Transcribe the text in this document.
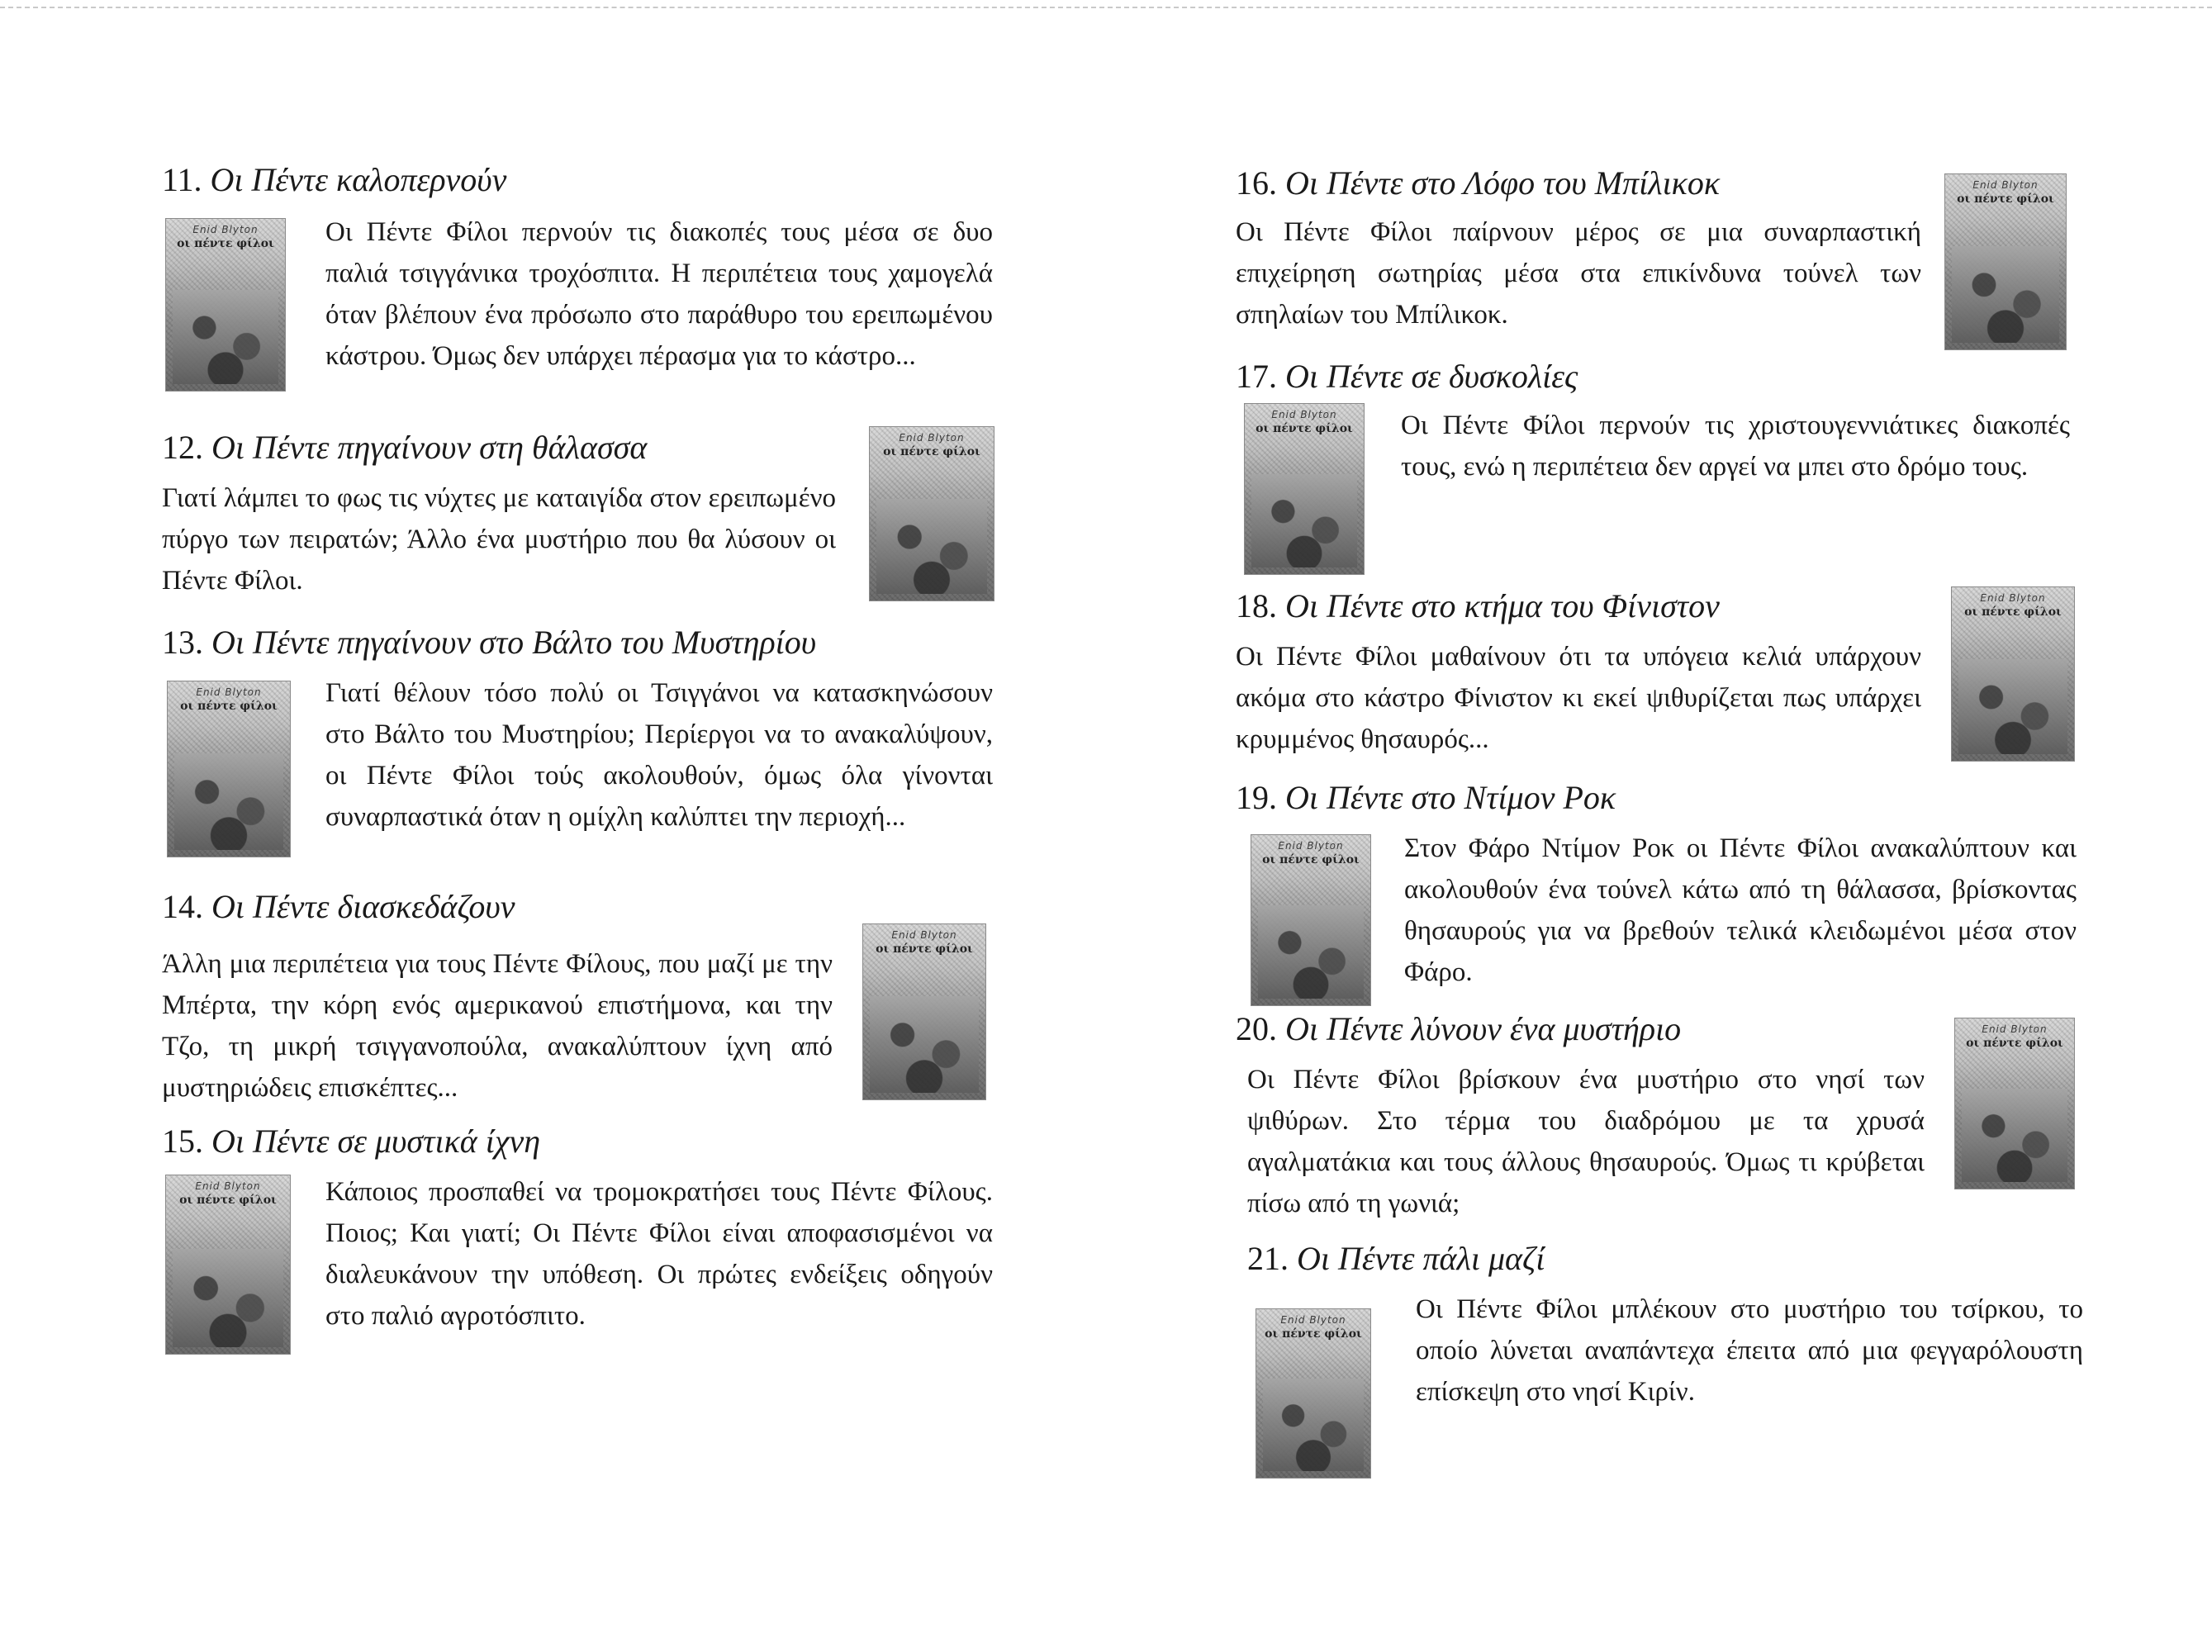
11. Οι Πέντε καλοπερνούν
Enid Blyton
οι πέντε φίλοι	Οι Πέντε Φίλοι περνούν τις διακοπές τους μέσα σε δυο παλιά τσιγγάνικα τροχόσπιτα. Η περιπέτεια τους χαμογελά όταν βλέπουν ένα πρόσωπο στο παράθυρο του ερειπωμένου κάστρου. Όμως δεν υπάρχει πέρασμα για το κάστρο...

12. Οι Πέντε πηγαίνουν στη θάλασσα

Γιατί λάμπει το φως τις νύχτες με καταιγίδα στον ερειπωμένο πύργο των πειρατών; Άλλο ένα μυστήριο που θα λύσουν οι Πέντε Φίλοι.

Enid Blyton
οι πέντε φίλοι
13. Οι Πέντε πηγαίνουν στο Βάλτο του Μυστηρίου
Enid Blyton
οι πέντε φίλοι	Γιατί θέλουν τόσο πολύ οι Τσιγγάνοι να κατασκηνώσουν στο Βάλτο του Μυστηρίου; Περίεργοι να το ανακαλύψουν, οι Πέντε Φίλοι τούς ακολουθούν, όμως όλα γίνονται συναρπαστικά όταν η ομίχλη καλύπτει την περιοχή...

14. Οι Πέντε διασκεδάζουν

Άλλη μια περιπέτεια για τους Πέντε Φίλους, που μαζί με την Μπέρτα, την κόρη ενός αμερικανού επιστήμονα, και την Τζο, τη μικρή τσιγγανοπούλα, ανακαλύπτουν ίχνη από μυστηριώδεις επισκέπτες...

Enid Blyton
οι πέντε φίλοι
15. Οι Πέντε σε μυστικά ίχνη
Enid Blyton
οι πέντε φίλοι	Κάποιος προσπαθεί να τρομοκρατήσει τους Πέντε Φίλους. Ποιος; Και γιατί; Οι Πέντε Φίλοι είναι αποφασισμένοι να διαλευκάνουν την υπόθεση. Οι πρώτες ενδείξεις οδηγούν στο παλιό αγροτόσπιτο.

16. Οι Πέντε στο Λόφο του Μπίλικοκ

Οι Πέντε Φίλοι παίρνουν μέρος σε μια συναρπαστική επιχείρηση σωτηρίας μέσα στα επικίνδυνα τούνελ των σπηλαίων του Μπίλικοκ.

Enid Blyton
οι πέντε φίλοι
17. Οι Πέντε σε δυσκολίες
Enid Blyton
οι πέντε φίλοι	Οι Πέντε Φίλοι περνούν τις χριστουγεννιάτικες διακοπές τους, ενώ η περιπέτεια δεν αργεί να μπει στο δρόμο τους.

18. Οι Πέντε στο κτήμα του Φίνιστον

Οι Πέντε Φίλοι μαθαίνουν ότι τα υπόγεια κελιά υπάρχουν ακόμα στο κάστρο Φίνιστον κι εκεί ψιθυρίζεται πως υπάρχει κρυμμένος θησαυρός...

Enid Blyton
οι πέντε φίλοι
19. Οι Πέντε στο Ντίμον Ροκ
Enid Blyton
οι πέντε φίλοι	Στον Φάρο Ντίμον Ροκ οι Πέντε Φίλοι ανακαλύπτουν και ακολουθούν ένα τούνελ κάτω από τη θάλασσα, βρίσκοντας θησαυρούς για να βρεθούν τελικά κλειδωμένοι μέσα στον Φάρο.

20. Οι Πέντε λύνουν ένα μυστήριο

Οι Πέντε Φίλοι βρίσκουν ένα μυστήριο στο νησί των ψιθύρων. Στο τέρμα του διαδρόμου με τα χρυσά αγαλματάκια και τους άλλους θησαυρούς. Όμως τι κρύβεται πίσω από τη γωνιά;

Enid Blyton
οι πέντε φίλοι
21. Οι Πέντε πάλι μαζί
Enid Blyton
οι πέντε φίλοι

Οι Πέντε Φίλοι μπλέκουν στο μυστήριο του τσίρκου, το οποίο λύνεται αναπάντεχα έπειτα από μια φεγγαρόλουστη επίσκεψη στο νησί Κιρίν.
